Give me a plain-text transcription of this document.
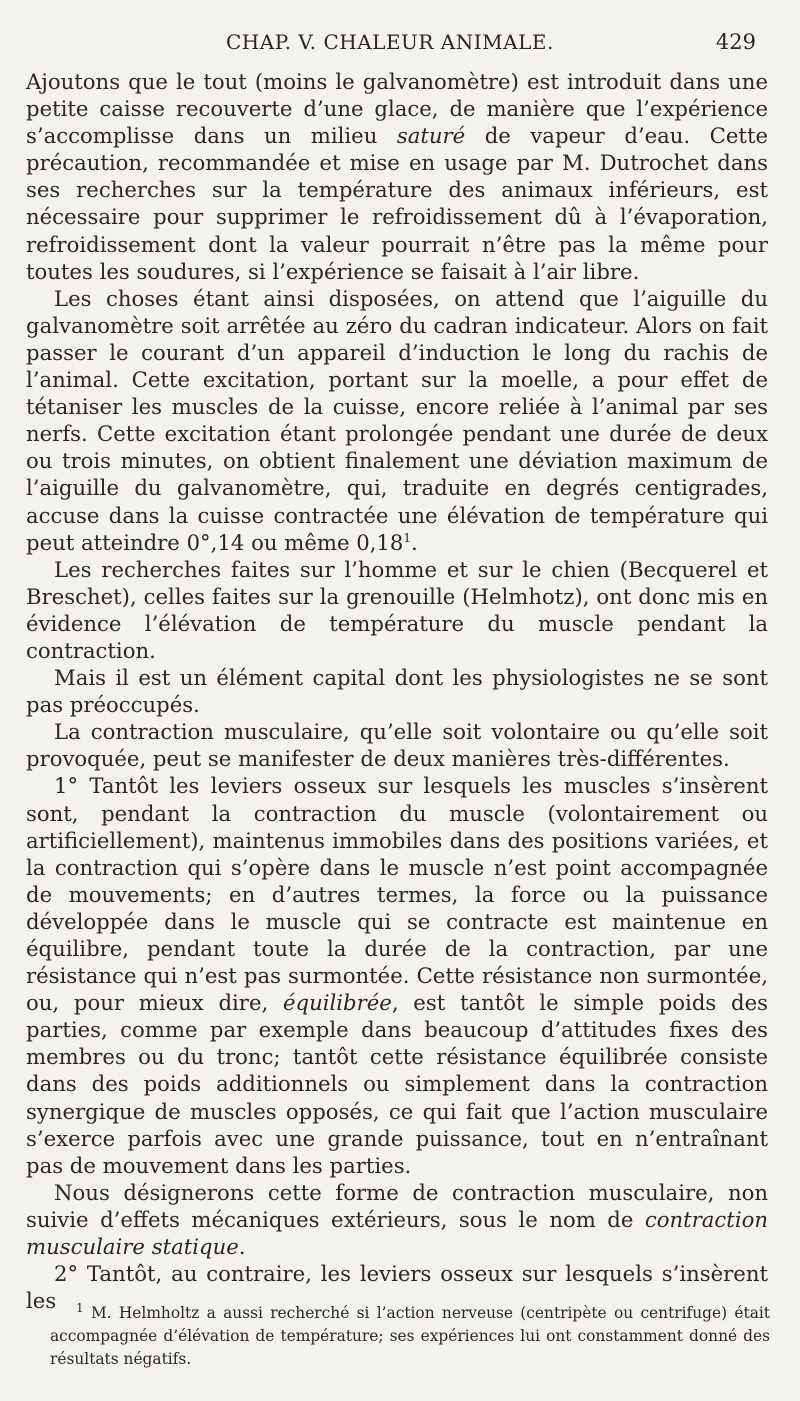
CHAP. V. CHALEUR ANIMALE.	429

Ajoutons que le tout (moins le galvanomètre) est introduit dans une petite caisse recouverte d’une glace, de manière que l’expérience s’accomplisse dans un milieu saturé de vapeur d’eau. Cette précaution, recommandée et mise en usage par M. Dutrochet dans ses recherches sur la température des animaux inférieurs, est nécessaire pour supprimer le refroidissement dû à l’évaporation, refroidissement dont la valeur pourrait n’être pas la même pour toutes les soudures, si l’expérience se faisait à l’air libre.

Les choses étant ainsi disposées, on attend que l’aiguille du galvanomètre soit arrêtée au zéro du cadran indicateur. Alors on fait passer le courant d’un appareil d’induction le long du rachis de l’animal. Cette excitation, portant sur la moelle, a pour effet de tétaniser les muscles de la cuisse, encore reliée à l’animal par ses nerfs. Cette excitation étant prolongée pendant une durée de deux ou trois minutes, on obtient finalement une déviation maximum de l’aiguille du galvanomètre, qui, traduite en degrés centigrades, accuse dans la cuisse contractée une élévation de température qui peut atteindre 0°,14 ou même 0,18$^1$.

Les recherches faites sur l’homme et sur le chien (Becquerel et Breschet), celles faites sur la grenouille (Helmhotz), ont donc mis en évidence l’élévation de température du muscle pendant la contraction.

Mais il est un élément capital dont les physiologistes ne se sont pas préoccupés.

La contraction musculaire, qu’elle soit volontaire ou qu’elle soit provoquée, peut se manifester de deux manières très-différentes.

1° Tantôt les leviers osseux sur lesquels les muscles s’insèrent sont, pendant la contraction du muscle (volontairement ou artificiellement), maintenus immobiles dans des positions variées, et la contraction qui s’opère dans le muscle n’est point accompagnée de mouvements; en d’autres termes, la force ou la puissance développée dans le muscle qui se contracte est maintenue en équilibre, pendant toute la durée de la contraction, par une résistance qui n’est pas surmontée. Cette résistance non surmontée, ou, pour mieux dire, équilibrée, est tantôt le simple poids des parties, comme par exemple dans beaucoup d’attitudes fixes des membres ou du tronc; tantôt cette résistance équilibrée consiste dans des poids additionnels ou simplement dans la contraction synergique de muscles opposés, ce qui fait que l’action musculaire s’exerce parfois avec une grande puissance, tout en n’entraînant pas de mouvement dans les parties.

Nous désignerons cette forme de contraction musculaire, non suivie d’effets mécaniques extérieurs, sous le nom de contraction musculaire statique.

2° Tantôt, au contraire, les leviers osseux sur lesquels s’insèrent les	$^1$ M. Helmholtz a aussi recherché si l’action nerveuse (centripète ou centrifuge) était accompagnée d’élévation de température; ses expériences lui ont constamment donné des résultats négatifs.
